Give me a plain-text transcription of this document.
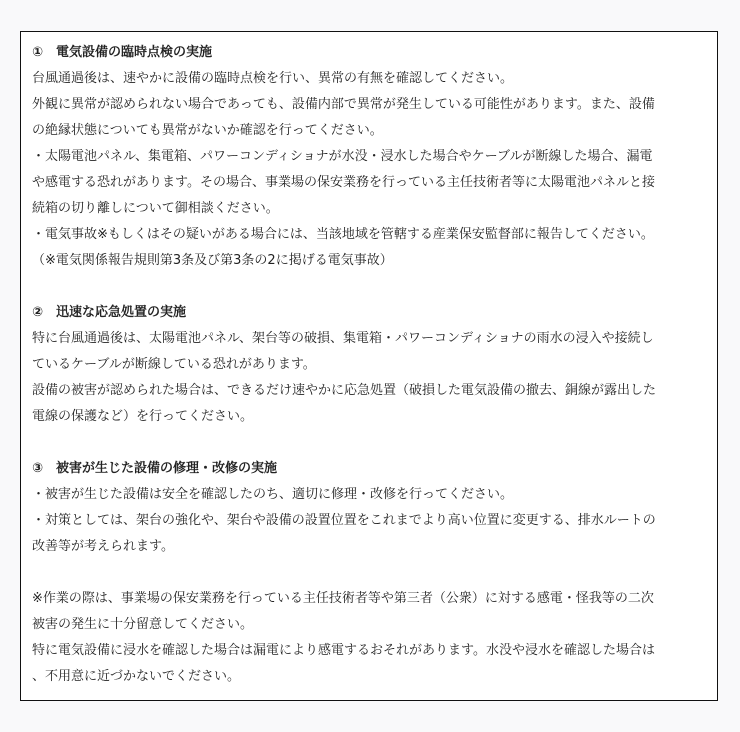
①　電気設備の臨時点検の実施

台風通過後は、速やかに設備の臨時点検を行い、異常の有無を確認してください。

外観に異常が認められない場合であっても、設備内部で異常が発生している可能性があります。また、設備

の絶縁状態についても異常がないか確認を行ってください。

・太陽電池パネル、集電箱、パワーコンディショナが水没・浸水した場合やケーブルが断線した場合、漏電

や感電する恐れがあります。その場合、事業場の保安業務を行っている主任技術者等に太陽電池パネルと接

続箱の切り離しについて御相談ください。

・電気事故※もしくはその疑いがある場合には、当該地域を管轄する産業保安監督部に報告してください。

（※電気関係報告規則第3条及び第3条の2に掲げる電気事故）

②　迅速な応急処置の実施

特に台風通過後は、太陽電池パネル、架台等の破損、集電箱・パワーコンディショナの雨水の浸入や接続し

ているケーブルが断線している恐れがあります。

設備の被害が認められた場合は、できるだけ速やかに応急処置（破損した電気設備の撤去、銅線が露出した

電線の保護など）を行ってください。

③　被害が生じた設備の修理・改修の実施

・被害が生じた設備は安全を確認したのち、適切に修理・改修を行ってください。

・対策としては、架台の強化や、架台や設備の設置位置をこれまでより高い位置に変更する、排水ルートの

改善等が考えられます。

※作業の際は、事業場の保安業務を行っている主任技術者等や第三者（公衆）に対する感電・怪我等の二次

被害の発生に十分留意してください。

特に電気設備に浸水を確認した場合は漏電により感電するおそれがあります。水没や浸水を確認した場合は

、不用意に近づかないでください。
